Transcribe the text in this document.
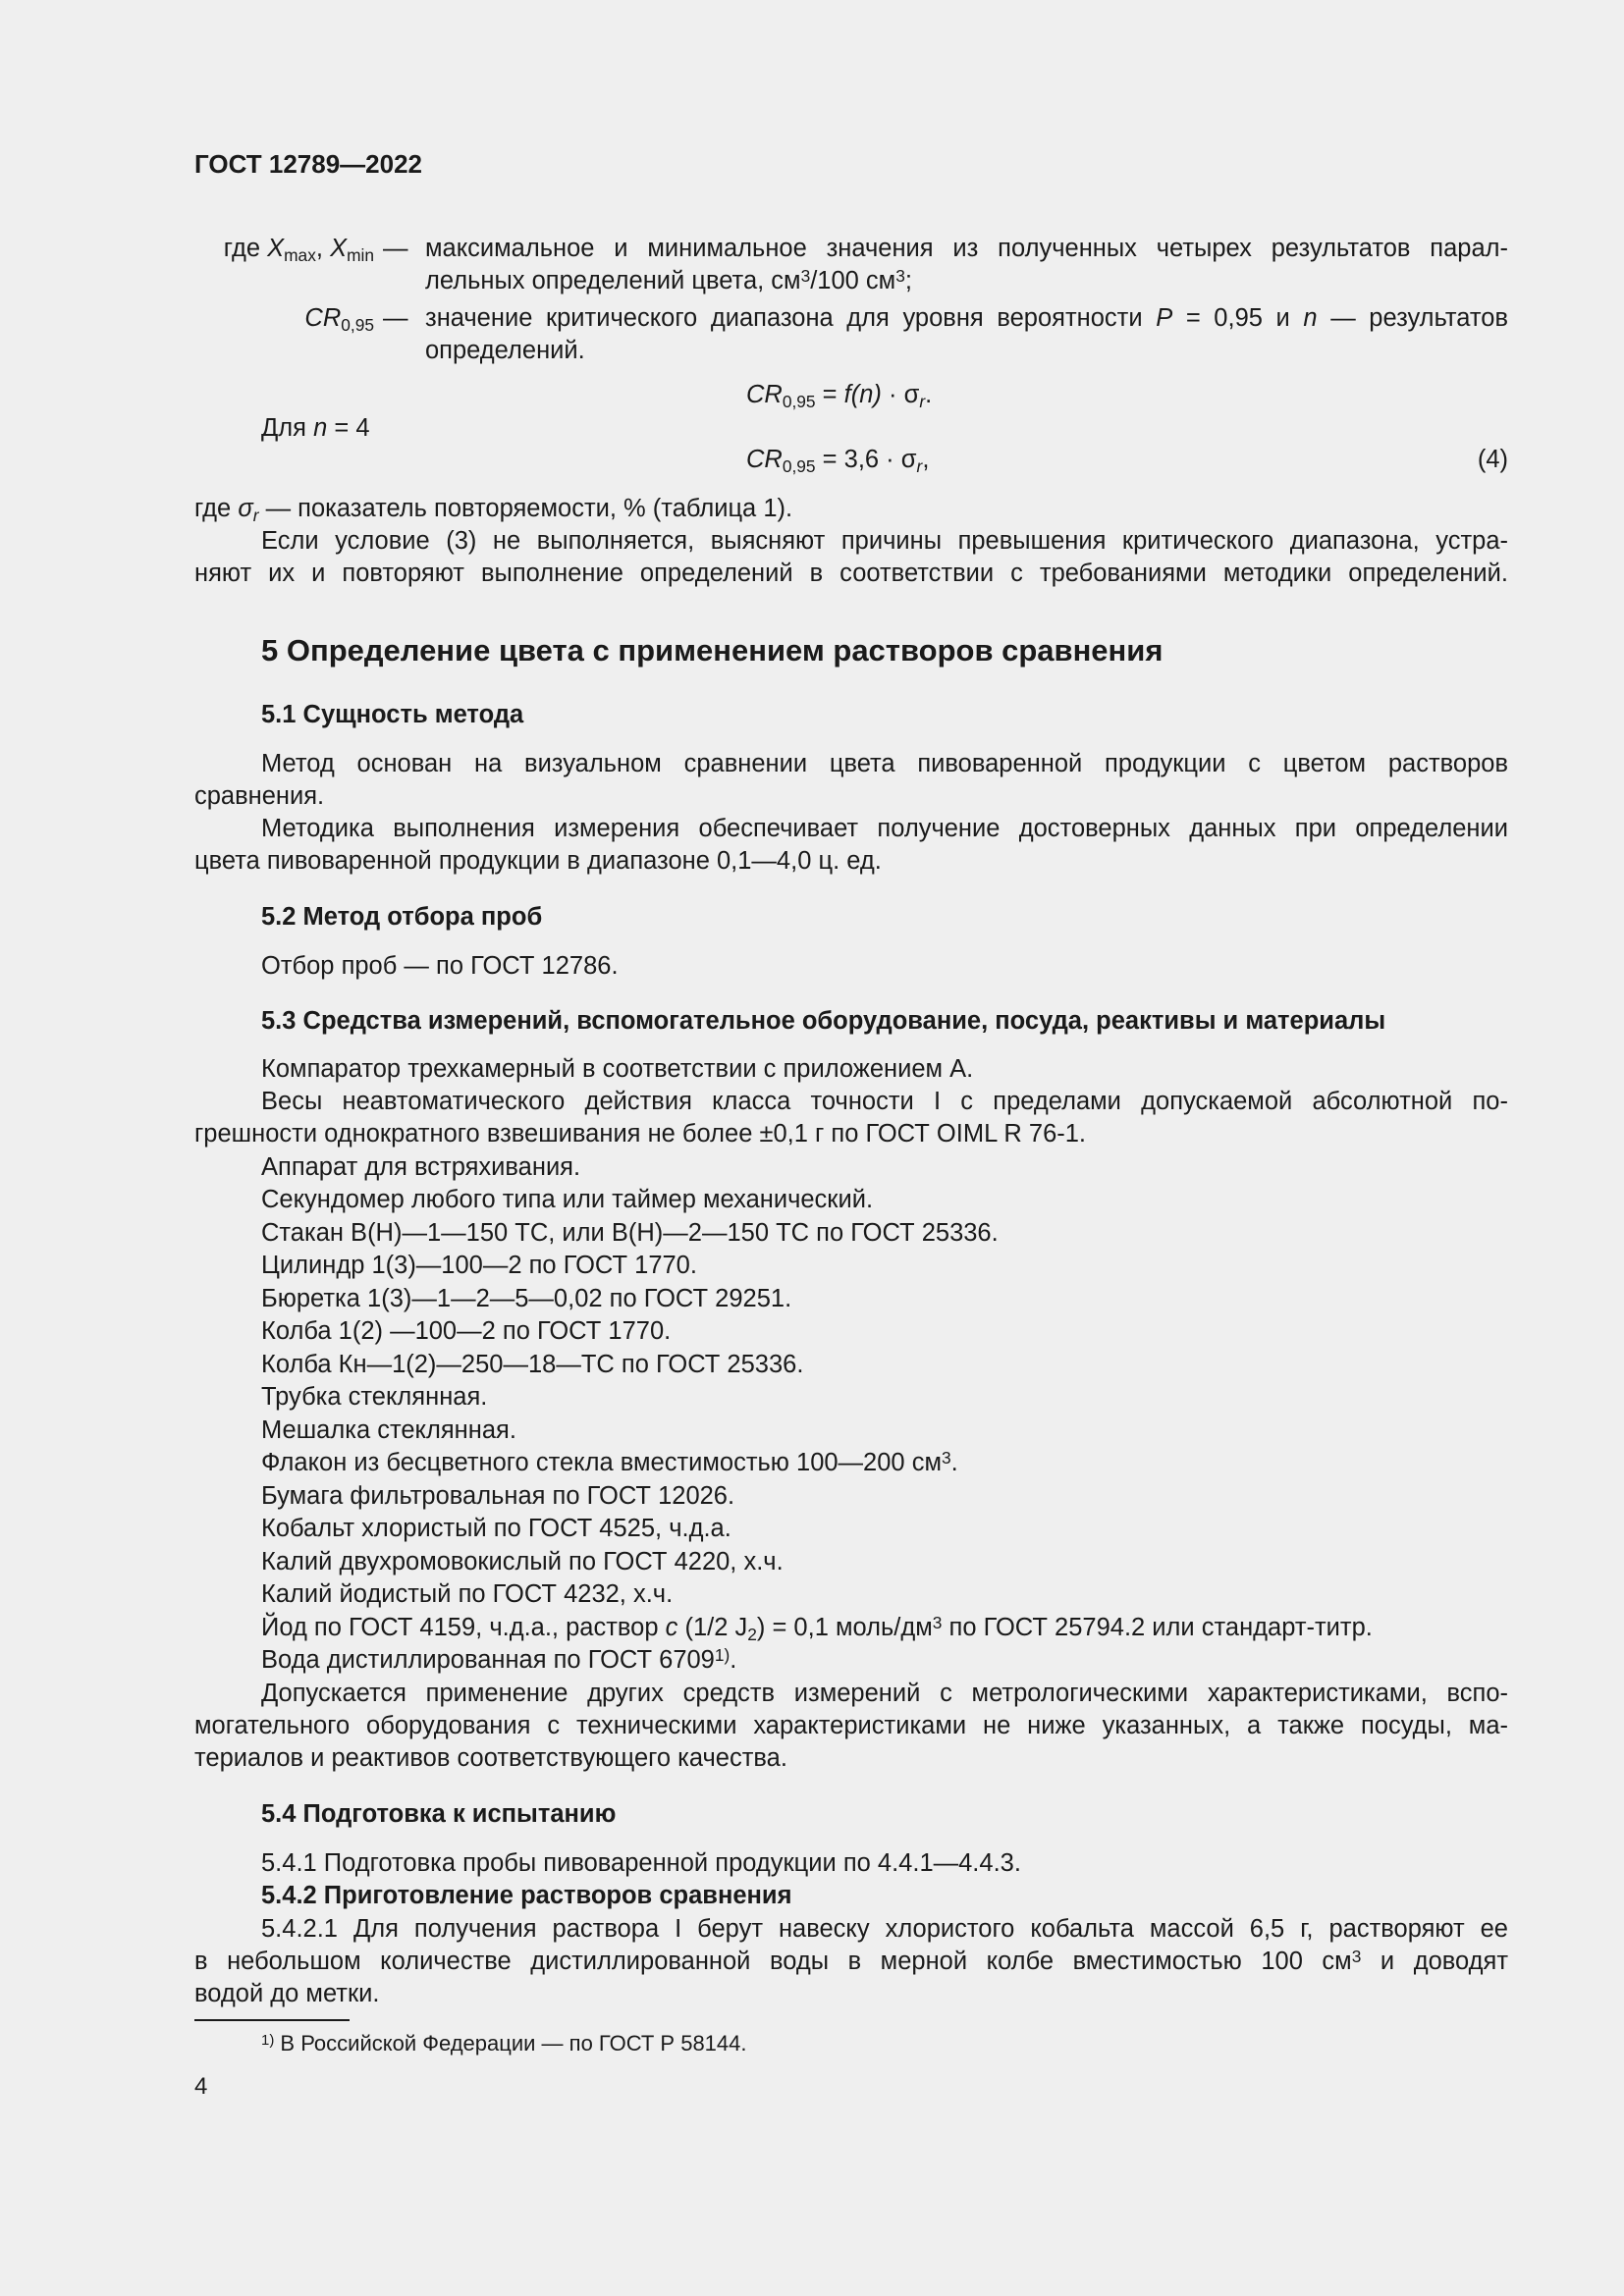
ГОСТ 12789—2022
где $X_{max}$, $X_{min}$ — максимальное и минимальное значения из полученных четырех результатов парал-
лельных определений цвета, $см^3/100$ $см^3$;
$CR_{0,95}$ — значение критического диапазона для уровня вероятности P = 0,95 и n — результатов
определений.
$CR_{0,95} = f(n) \cdot \sigma_r$.
Для n = 4
$CR_{0,95} = 3,6 \cdot \sigma_r$,	(4)
где $\sigma_r$ — показатель повторяемости, % (таблица 1).
Если условие (3) не выполняется, выясняют причины превышения критического диапазона, устра-
няют их и повторяют выполнение определений в соответствии с требованиями методики определений.
5 Определение цвета с применением растворов сравнения
5.1 Сущность метода
Метод основан на визуальном сравнении цвета пивоваренной продукции с цветом растворов
сравнения.
Методика выполнения измерения обеспечивает получение достоверных данных при определении
цвета пивоваренной продукции в диапазоне 0,1—4,0 ц. ед.
5.2 Метод отбора проб
Отбор проб — по ГОСТ 12786.
5.3 Средства измерений, вспомогательное оборудование, посуда, реактивы и материалы
Компаратор трехкамерный в соответствии с приложением А.
Весы неавтоматического действия класса точности I с пределами допускаемой абсолютной по-
грешности однократного взвешивания не более ±0,1 г по ГОСТ OIML R 76-1.
Аппарат для встряхивания.
Секундомер любого типа или таймер механический.
Стакан В(Н)—1—150 ТС, или В(Н)—2—150 ТС по ГОСТ 25336.
Цилиндр 1(3)—100—2 по ГОСТ 1770.
Бюретка 1(3)—1—2—5—0,02 по ГОСТ 29251.
Колба 1(2) —100—2 по ГОСТ 1770.
Колба Кн—1(2)—250—18—ТС по ГОСТ 25336.
Трубка стеклянная.
Мешалка стеклянная.
Флакон из бесцветного стекла вместимостью 100—200 $см^3$.
Бумага фильтровальная по ГОСТ 12026.
Кобальт хлористый по ГОСТ 4525, ч.д.а.
Калий двухромовокислый по ГОСТ 4220, х.ч.
Калий йодистый по ГОСТ 4232, х.ч.
Йод по ГОСТ 4159, ч.д.а., раствор c (1/2 $J_2) = 0,1$ моль/$дм^3$ по ГОСТ 25794.2 или стандарт-титр.
Вода дистиллированная по ГОСТ 6709$^{1)}$.
Допускается применение других средств измерений с метрологическими характеристиками, вспо-
могательного оборудования с техническими характеристиками не ниже указанных, а также посуды, ма-
териалов и реактивов соответствующего качества.
5.4 Подготовка к испытанию
5.4.1 Подготовка пробы пивоваренной продукции по 4.4.1—4.4.3.
5.4.2 Приготовление растворов сравнения
5.4.2.1 Для получения раствора I берут навеску хлористого кобальта массой 6,5 г, растворяют ее
в небольшом количестве дистиллированной воды в мерной колбе вместимостью 100 $см^3$ и доводят
водой до метки.
$^{1)}$ В Российской Федерации — по ГОСТ Р 58144.
4
